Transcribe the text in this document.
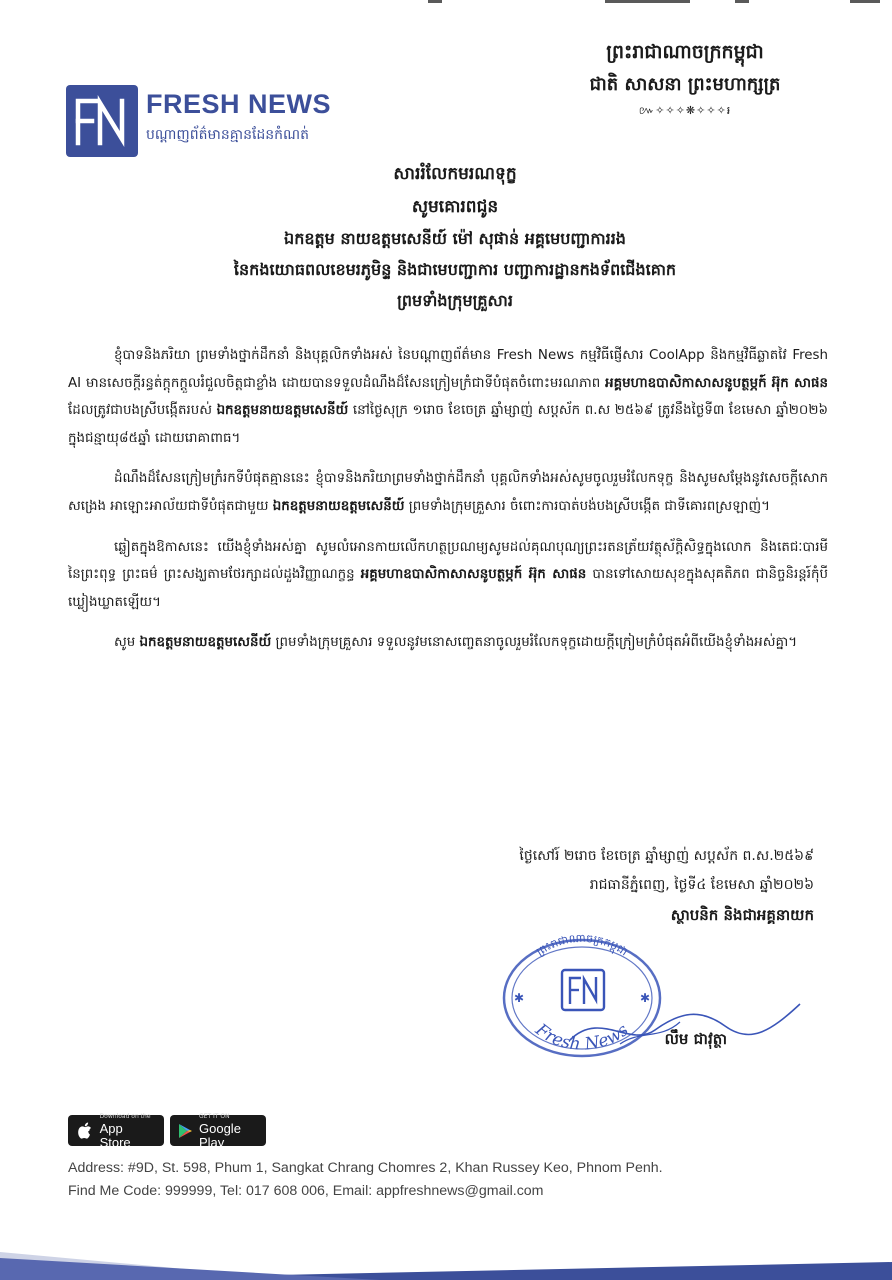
FRESH NEWS
បណ្តាញព័ត៌មានគ្មានដែនកំណត់
ព្រះរាជាណាចក្រកម្ពុជា
ជាតិ សាសនា ព្រះមហាក្សត្រ
៚✧✧✧❋✧✧✧៛
សាររំលែកមរណទុក្ខ
សូមគោរពជូន
ឯកឧត្តម នាយឧត្តមសេនីយ៍ ម៉ៅ សុផាន់ អគ្គមេបញ្ជាការរង
នៃកងយោធពលខេមរភូមិន្ទ និងជាមេបញ្ជាការ បញ្ជាការដ្ឋានកងទ័ពជើងគោក
ព្រមទាំងក្រុមគ្រួសារ

ខ្ញុំបាទនិងភរិយា ព្រមទាំងថ្នាក់ដឹកនាំ និងបុគ្គលិកទាំងអស់ នៃបណ្តាញព័ត៌មាន Fresh News កម្មវិធីផ្ញើសារ CoolApp និងកម្មវិធីឆ្លាតវៃ Fresh AI មានសេចក្តីរន្ធត់ក្តុកក្តួលរំជួលចិត្តជាខ្លាំង ដោយបានទទួលដំណឹងដ៏សែនក្រៀមក្រំជាទីបំផុតចំពោះមរណភាព អគ្គមហាឧបាសិកាសាសនូបត្ថម្ភក៍ អ៊ុក សាផន ដែលត្រូវជាបងស្រីបង្កើតរបស់ ឯកឧត្តមនាយឧត្តមសេនីយ៍ នៅថ្ងៃសុក្រ ១រោច ខែចេត្រ ឆ្នាំម្សាញ់ សប្តស័ក ព.ស ២៥៦៩ ត្រូវនឹងថ្ងៃទី៣ ខែមេសា ឆ្នាំ២០២៦ ក្នុងជន្មាយុ៨៥ឆ្នាំ ដោយរោគាពាធ។

ដំណឹងដ៏សែនក្រៀមក្រំរកទីបំផុតគ្មាននេះ ខ្ញុំបាទនិងភរិយាព្រមទាំងថ្នាក់ដឹកនាំ បុគ្គលិកទាំងអស់សូមចូលរួមរំលែកទុក្ខ និងសូមសម្តែងនូវសេចក្តីសោកសង្រេង អាឡោះអាល័យជាទីបំផុតជាមួយ ឯកឧត្តមនាយឧត្តមសេនីយ៍ ព្រមទាំងក្រុមគ្រួសារ ចំពោះការបាត់បង់បងស្រីបង្កើត ជាទីគោរពស្រឡាញ់។

ឆ្លៀតក្នុងឱកាសនេះ យើងខ្ញុំទាំងអស់គ្នា សូមលំអោនកាយលើកហត្ថប្រណម្យសូមដល់គុណបុណ្យព្រះរតនត្រ័យវត្ថុស័ក្តិសិទ្ធក្នុងលោក និងតេជៈបារមី នៃព្រះពុទ្ធ ព្រះធម៌ ព្រះសង្ឃតាមថែរក្សាដល់ដួងវិញ្ញាណក្ខន្ធ អគ្គមហាឧបាសិកាសាសនូបត្ថម្ភក៍ អ៊ុក សាផន បានទៅសោយសុខក្នុងសុគតិភព ជានិច្ចនិរន្តរ៍កុំបីឃ្លៀងឃ្លាតឡើយ។

សូម ឯកឧត្តមនាយឧត្តមសេនីយ៍ ព្រមទាំងក្រុមគ្រួសារ ទទួលនូវមនោសញ្ចេតនាចូលរួមរំលែកទុក្ខដោយក្តីក្រៀមក្រំបំផុតអំពីយើងខ្ញុំទាំងអស់គ្នា។

ថ្ងៃសៅរ៍ ២រោច ខែចេត្រ ឆ្នាំម្សាញ់ សប្តស័ក ព.ស.២៥៦៩
រាជធានីភ្នំពេញ, ថ្ងៃទី៤ ខែមេសា ឆ្នាំ២០២៦
ស្ថាបនិក និងជាអគ្គនាយក
ព្រះរាជាណាចក្រកម្ពុជា
Fresh News
✱	✱
លឹម ជាវុត្ថា
Download on the
App Store
GET IT ON
Google Play
Address: #9D, St. 598, Phum 1, Sangkat Chrang Chomres 2, Khan Russey Keo, Phnom Penh.
Find Me Code: 999999, Tel: 017 608 006, Email: appfreshnews@gmail.com
